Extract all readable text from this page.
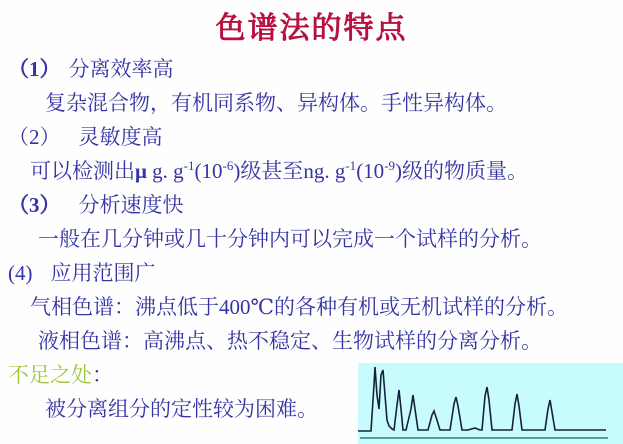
色谱法的特点
（1） 分离效率高
复杂混合物，有机同系物、异构体。手性异构体。
（2） 灵敏度高
可以检测出μ g. $g^{-1}(10^{-6})$级甚至ng. $g^{-1}(10^{-9})$级的物质量。
（3） 分析速度快
一般在几分钟或几十分钟内可以完成一个试样的分析。
(4) 应用范围广
气相色谱：沸点低于400℃的各种有机或无机试样的分析。
液相色谱：高沸点、热不稳定、生物试样的分离分析。
不足之处：
被分离组分的定性较为困难。
